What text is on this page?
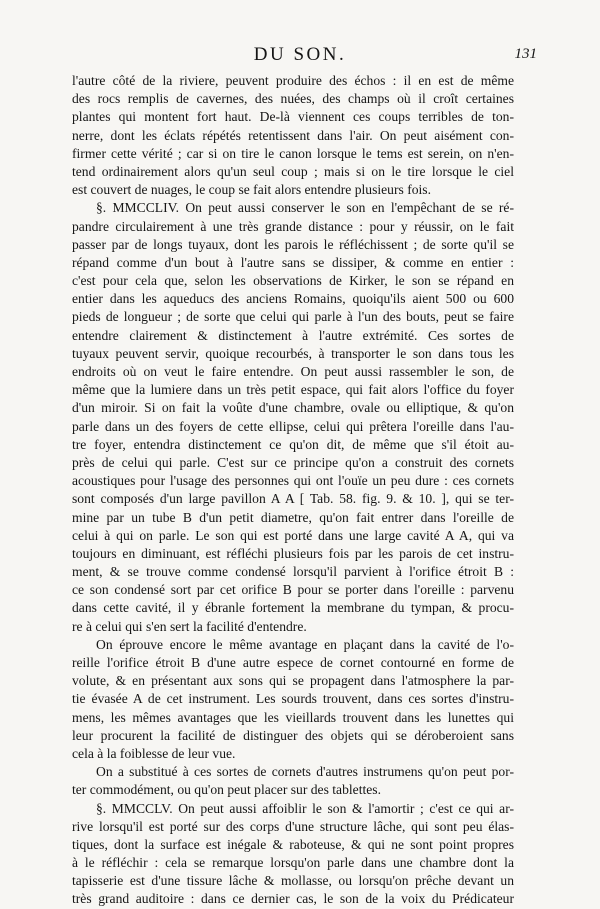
DU SON.	131
l'autre côté de la riviere, peuvent produire des échos : il en est de même
des rocs remplis de cavernes, des nuées, des champs où il croît certaines
plantes qui montent fort haut. De-là viennent ces coups terribles de ton-
nerre, dont les éclats répétés retentissent dans l'air. On peut aisément con-
firmer cette vérité ; car si on tire le canon lorsque le tems est serein, on n'en-
tend ordinairement alors qu'un seul coup ; mais si on le tire lorsque le ciel
est couvert de nuages, le coup se fait alors entendre plusieurs fois.
§. MMCCLIV. On peut aussi conserver le son en l'empêchant de se ré-
pandre circulairement à une très grande distance : pour y réussir, on le fait
passer par de longs tuyaux, dont les parois le réfléchissent ; de sorte qu'il se
répand comme d'un bout à l'autre sans se dissiper, & comme en entier :
c'est pour cela que, selon les observations de Kirker, le son se répand en
entier dans les aqueducs des anciens Romains, quoiqu'ils aient 500 ou 600
pieds de longueur ; de sorte que celui qui parle à l'un des bouts, peut se faire
entendre clairement & distinctement à l'autre extrémité. Ces sortes de
tuyaux peuvent servir, quoique recourbés, à transporter le son dans tous les
endroits où on veut le faire entendre. On peut aussi rassembler le son, de
même que la lumiere dans un très petit espace, qui fait alors l'office du foyer
d'un miroir. Si on fait la voûte d'une chambre, ovale ou elliptique, & qu'on
parle dans un des foyers de cette ellipse, celui qui prêtera l'oreille dans l'au-
tre foyer, entendra distinctement ce qu'on dit, de même que s'il étoit au-
près de celui qui parle. C'est sur ce principe qu'on a construit des cornets
acoustiques pour l'usage des personnes qui ont l'ouïe un peu dure : ces cornets
sont composés d'un large pavillon A A [ Tab. 58. fig. 9. & 10. ], qui se ter-
mine par un tube B d'un petit diametre, qu'on fait entrer dans l'oreille de
celui à qui on parle. Le son qui est porté dans une large cavité A A, qui va
toujours en diminuant, est réfléchi plusieurs fois par les parois de cet instru-
ment, & se trouve comme condensé lorsqu'il parvient à l'orifice étroit B :
ce son condensé sort par cet orifice B pour se porter dans l'oreille : parvenu
dans cette cavité, il y ébranle fortement la membrane du tympan, & procu-
re à celui qui s'en sert la facilité d'entendre.
On éprouve encore le même avantage en plaçant dans la cavité de l'o-
reille l'orifice étroit B d'une autre espece de cornet contourné en forme de
volute, & en présentant aux sons qui se propagent dans l'atmosphere la par-
tie évasée A de cet instrument. Les sourds trouvent, dans ces sortes d'instru-
mens, les mêmes avantages que les vieillards trouvent dans les lunettes qui
leur procurent la facilité de distinguer des objets qui se déroberoient sans
cela à la foiblesse de leur vue.
On a substitué à ces sortes de cornets d'autres instrumens qu'on peut por-
ter commodément, ou qu'on peut placer sur des tablettes.
§. MMCCLV. On peut aussi affoiblir le son & l'amortir ; c'est ce qui ar-
rive lorsqu'il est porté sur des corps d'une structure lâche, qui sont peu élas-
tiques, dont la surface est inégale & raboteuse, & qui ne sont point propres
à le réfléchir : cela se remarque lorsqu'on parle dans une chambre dont la
tapisserie est d'une tissure lâche & mollasse, ou lorsqu'on prêche devant un
très grand auditoire : dans ce dernier cas, le son de la voix du Prédicateur
